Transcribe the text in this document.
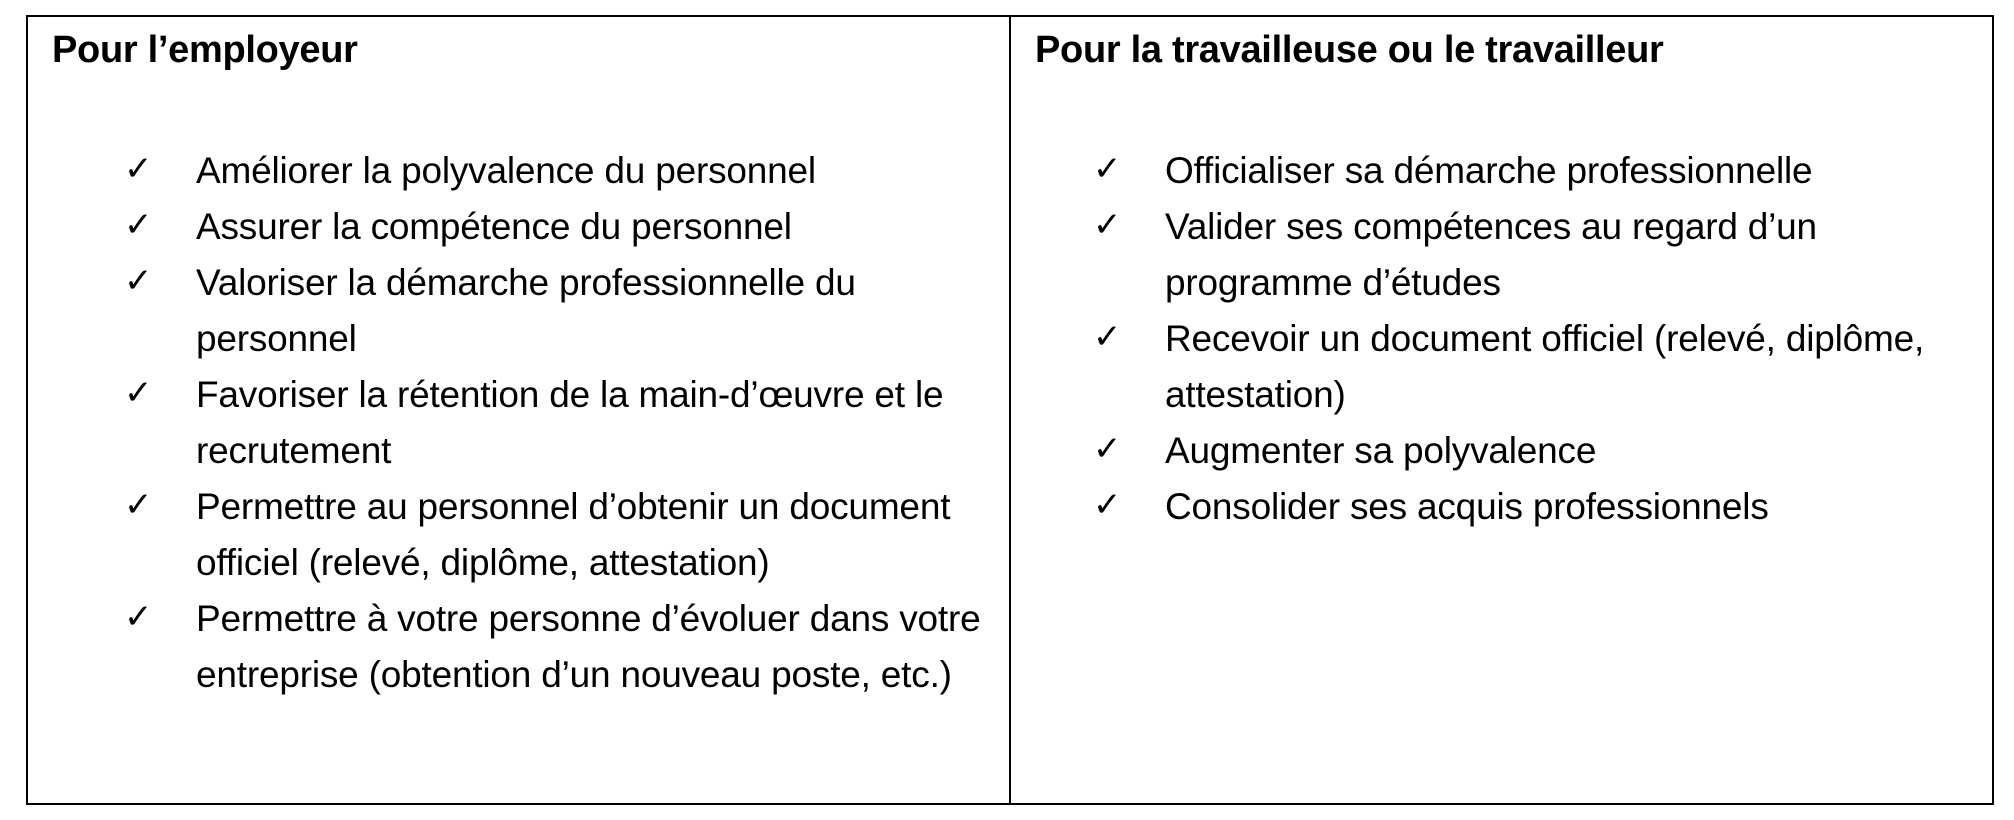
Pour l’employeur
✓ Améliorer la polyvalence du personnel
✓ Assurer la compétence du personnel
✓ Valoriser la démarche professionnelle du personnel
✓ Favoriser la rétention de la main-d’œuvre et le recrutement
✓ Permettre au personnel d’obtenir un document officiel (relevé, diplôme, attestation)
✓ Permettre à votre personne d’évoluer dans votre entreprise (obtention d’un nouveau poste, etc.)
Pour la travailleuse ou le travailleur
✓ Officialiser sa démarche professionnelle
✓ Valider ses compétences au regard d’un programme d’études
✓ Recevoir un document officiel (relevé, diplôme, attestation)
✓ Augmenter sa polyvalence
✓ Consolider ses acquis professionnels
